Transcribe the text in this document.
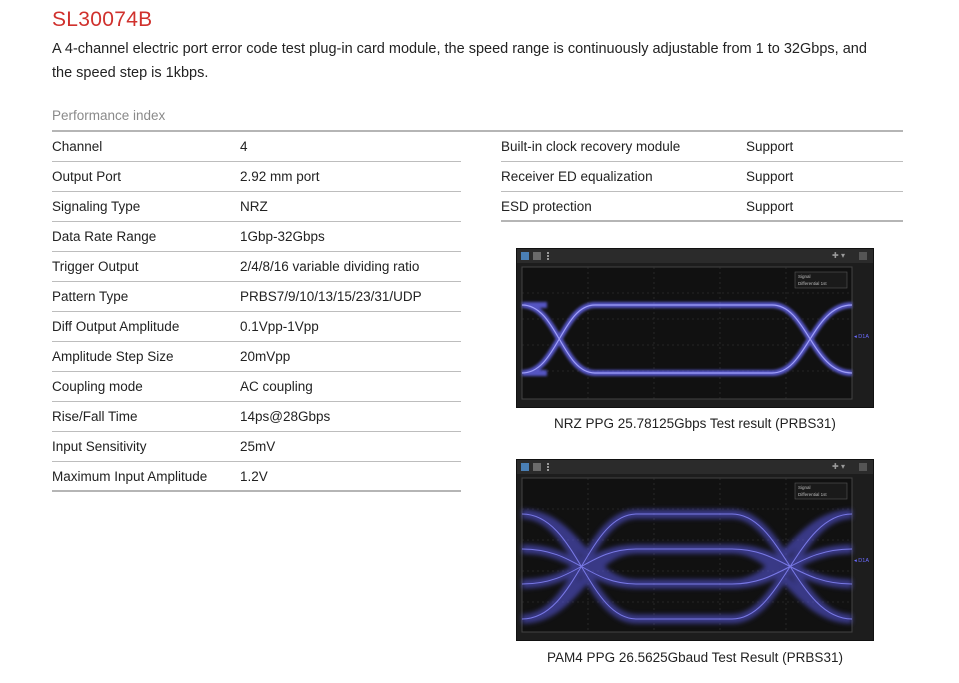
SL30074B
A 4-channel electric port error code test plug-in card module, the speed range is continuously adjustable from 1 to 32Gbps, and the speed step is 1kbps.
Performance index
Channel	4
Output Port	2.92 mm port
Signaling Type	NRZ
Data Rate Range	1Gbp-32Gbps
Trigger Output	2/4/8/16 variable dividing ratio
Pattern Type	PRBS7/9/10/13/15/23/31/UDP
Diff Output Amplitude	0.1Vpp-1Vpp
Amplitude Step Size	20mVpp
Coupling mode	AC coupling
Rise/Fall Time	14ps@28Gbps
Input Sensitivity	25mV
Maximum Input Amplitude	1.2V
Built-in clock recovery module	Support
Receiver ED equalization	Support
ESD protection	Support
✚ ▾
Signal
Differential 1st
◂ D1A
NRZ PPG 25.78125Gbps Test result (PRBS31)
✚ ▾
Signal
Differential 1st
◂ D1A
PAM4 PPG 26.5625Gbaud Test Result (PRBS31)
